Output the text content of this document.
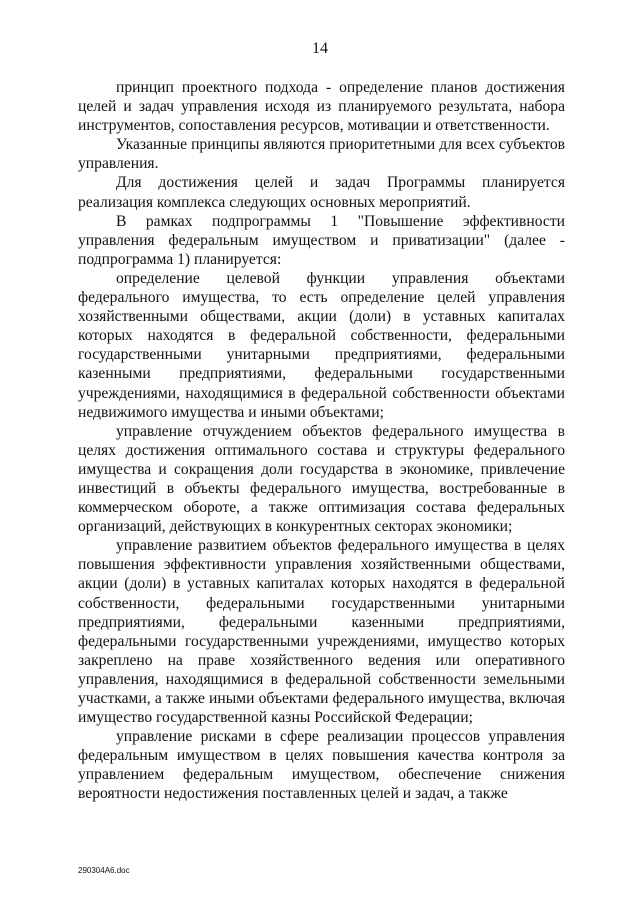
14

принцип проектного подхода - определение планов достижения целей и задач управления исходя из планируемого результата, набора инструментов, сопоставления ресурсов, мотивации и ответственности.

Указанные принципы являются приоритетными для всех субъектов управления.

Для достижения целей и задач Программы планируется реализация комплекса следующих основных мероприятий.

В рамках подпрограммы 1 "Повышение эффективности управления федеральным имуществом и приватизации" (далее - подпрограмма 1) планируется:

определение целевой функции управления объектами федерального имущества, то есть определение целей управления хозяйственными обществами, акции (доли) в уставных капиталах которых находятся в федеральной собственности, федеральными государственными унитарными предприятиями, федеральными казенными предприятиями, федеральными государственными учреждениями, находящимися в федеральной собственности объектами недвижимого имущества и иными объектами;

управление отчуждением объектов федерального имущества в целях достижения оптимального состава и структуры федерального имущества и сокращения доли государства в экономике, привлечение инвестиций в объекты федерального имущества, востребованные в коммерческом обороте, а также оптимизация состава федеральных организаций, действующих в конкурентных секторах экономики;

управление развитием объектов федерального имущества в целях повышения эффективности управления хозяйственными обществами, акции (доли) в уставных капиталах которых находятся в федеральной собственности, федеральными государственными унитарными предприятиями, федеральными казенными предприятиями, федеральными государственными учреждениями, имущество которых закреплено на праве хозяйственного ведения или оперативного управления, находящимися в федеральной собственности земельными участками, а также иными объектами федерального имущества, включая имущество государственной казны Российской Федерации;

управление рисками в сфере реализации процессов управления федеральным имуществом в целях повышения качества контроля за управлением федеральным имуществом, обеспечение снижения вероятности недостижения поставленных целей и задач, а также

290304A6.doc
